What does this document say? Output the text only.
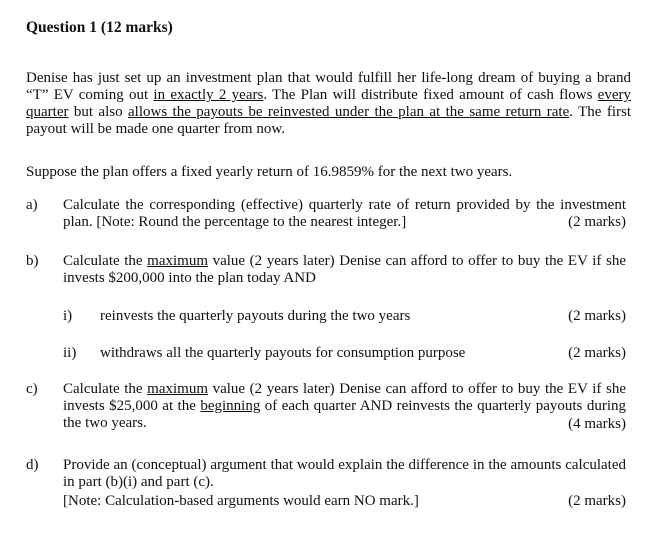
Question 1 (12 marks)
Denise has just set up an investment plan that would fulfill her life-long dream of buying a brand “T” EV coming out in exactly 2 years. The Plan will distribute fixed amount of cash flows every quarter but also allows the payouts be reinvested under the plan at the same return rate. The first payout will be made one quarter from now.
Suppose the plan offers a fixed yearly return of 16.9859% for the next two years.
a) Calculate the corresponding (effective) quarterly rate of return provided by the investment plan. [Note: Round the percentage to the nearest integer.]	(2 marks)
b) Calculate the maximum value (2 years later) Denise can afford to offer to buy the EV if she invests $200,000 into the plan today AND
i) reinvests the quarterly payouts during the two years	(2 marks)
ii) withdraws all the quarterly payouts for consumption purpose	(2 marks)
c) Calculate the maximum value (2 years later) Denise can afford to offer to buy the EV if she invests $25,000 at the beginning of each quarter AND reinvests the quarterly payouts during the two years.	(4 marks)
d) Provide an (conceptual) argument that would explain the difference in the amounts calculated in part (b)(i) and part (c).
[Note: Calculation-based arguments would earn NO mark.]	(2 marks)
